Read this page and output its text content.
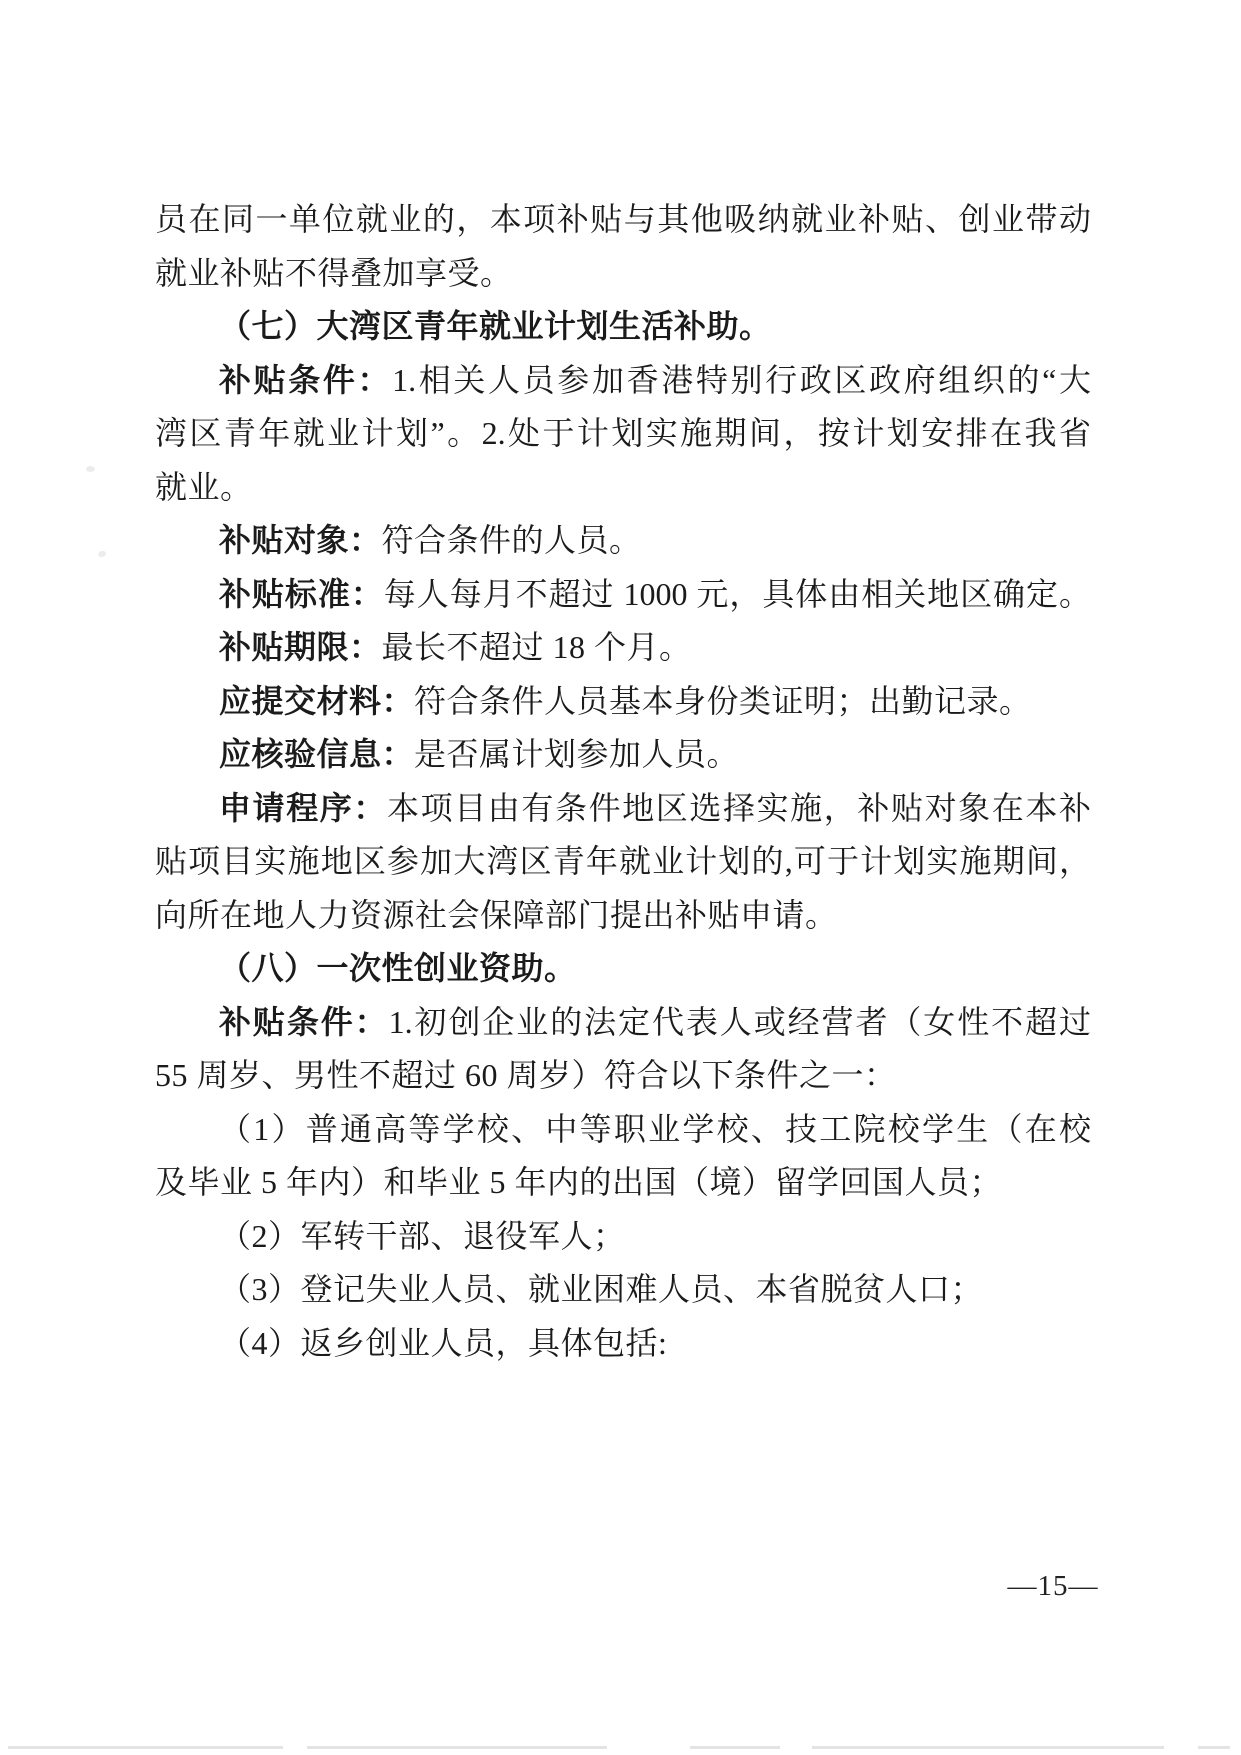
员在同一单位就业的，本项补贴与其他吸纳就业补贴、创业带动
就业补贴不得叠加享受。
（七）大湾区青年就业计划生活补助。
补贴条件：1.相关人员参加香港特别行政区政府组织的“大
湾区青年就业计划”。2.处于计划实施期间，按计划安排在我省
就业。
补贴对象：符合条件的人员。
补贴标准：每人每月不超过 1000 元，具体由相关地区确定。
补贴期限：最长不超过 18 个月。
应提交材料：符合条件人员基本身份类证明；出勤记录。
应核验信息：是否属计划参加人员。
申请程序：本项目由有条件地区选择实施，补贴对象在本补
贴项目实施地区参加大湾区青年就业计划的,可于计划实施期间，
向所在地人力资源社会保障部门提出补贴申请。
（八）一次性创业资助。
补贴条件：1.初创企业的法定代表人或经营者（女性不超过
55 周岁、男性不超过 60 周岁）符合以下条件之一：
（1）普通高等学校、中等职业学校、技工院校学生（在校
及毕业 5 年内）和毕业 5 年内的出国（境）留学回国人员；
（2）军转干部、退役军人；
（3）登记失业人员、就业困难人员、本省脱贫人口；
（4）返乡创业人员，具体包括:
—15—
